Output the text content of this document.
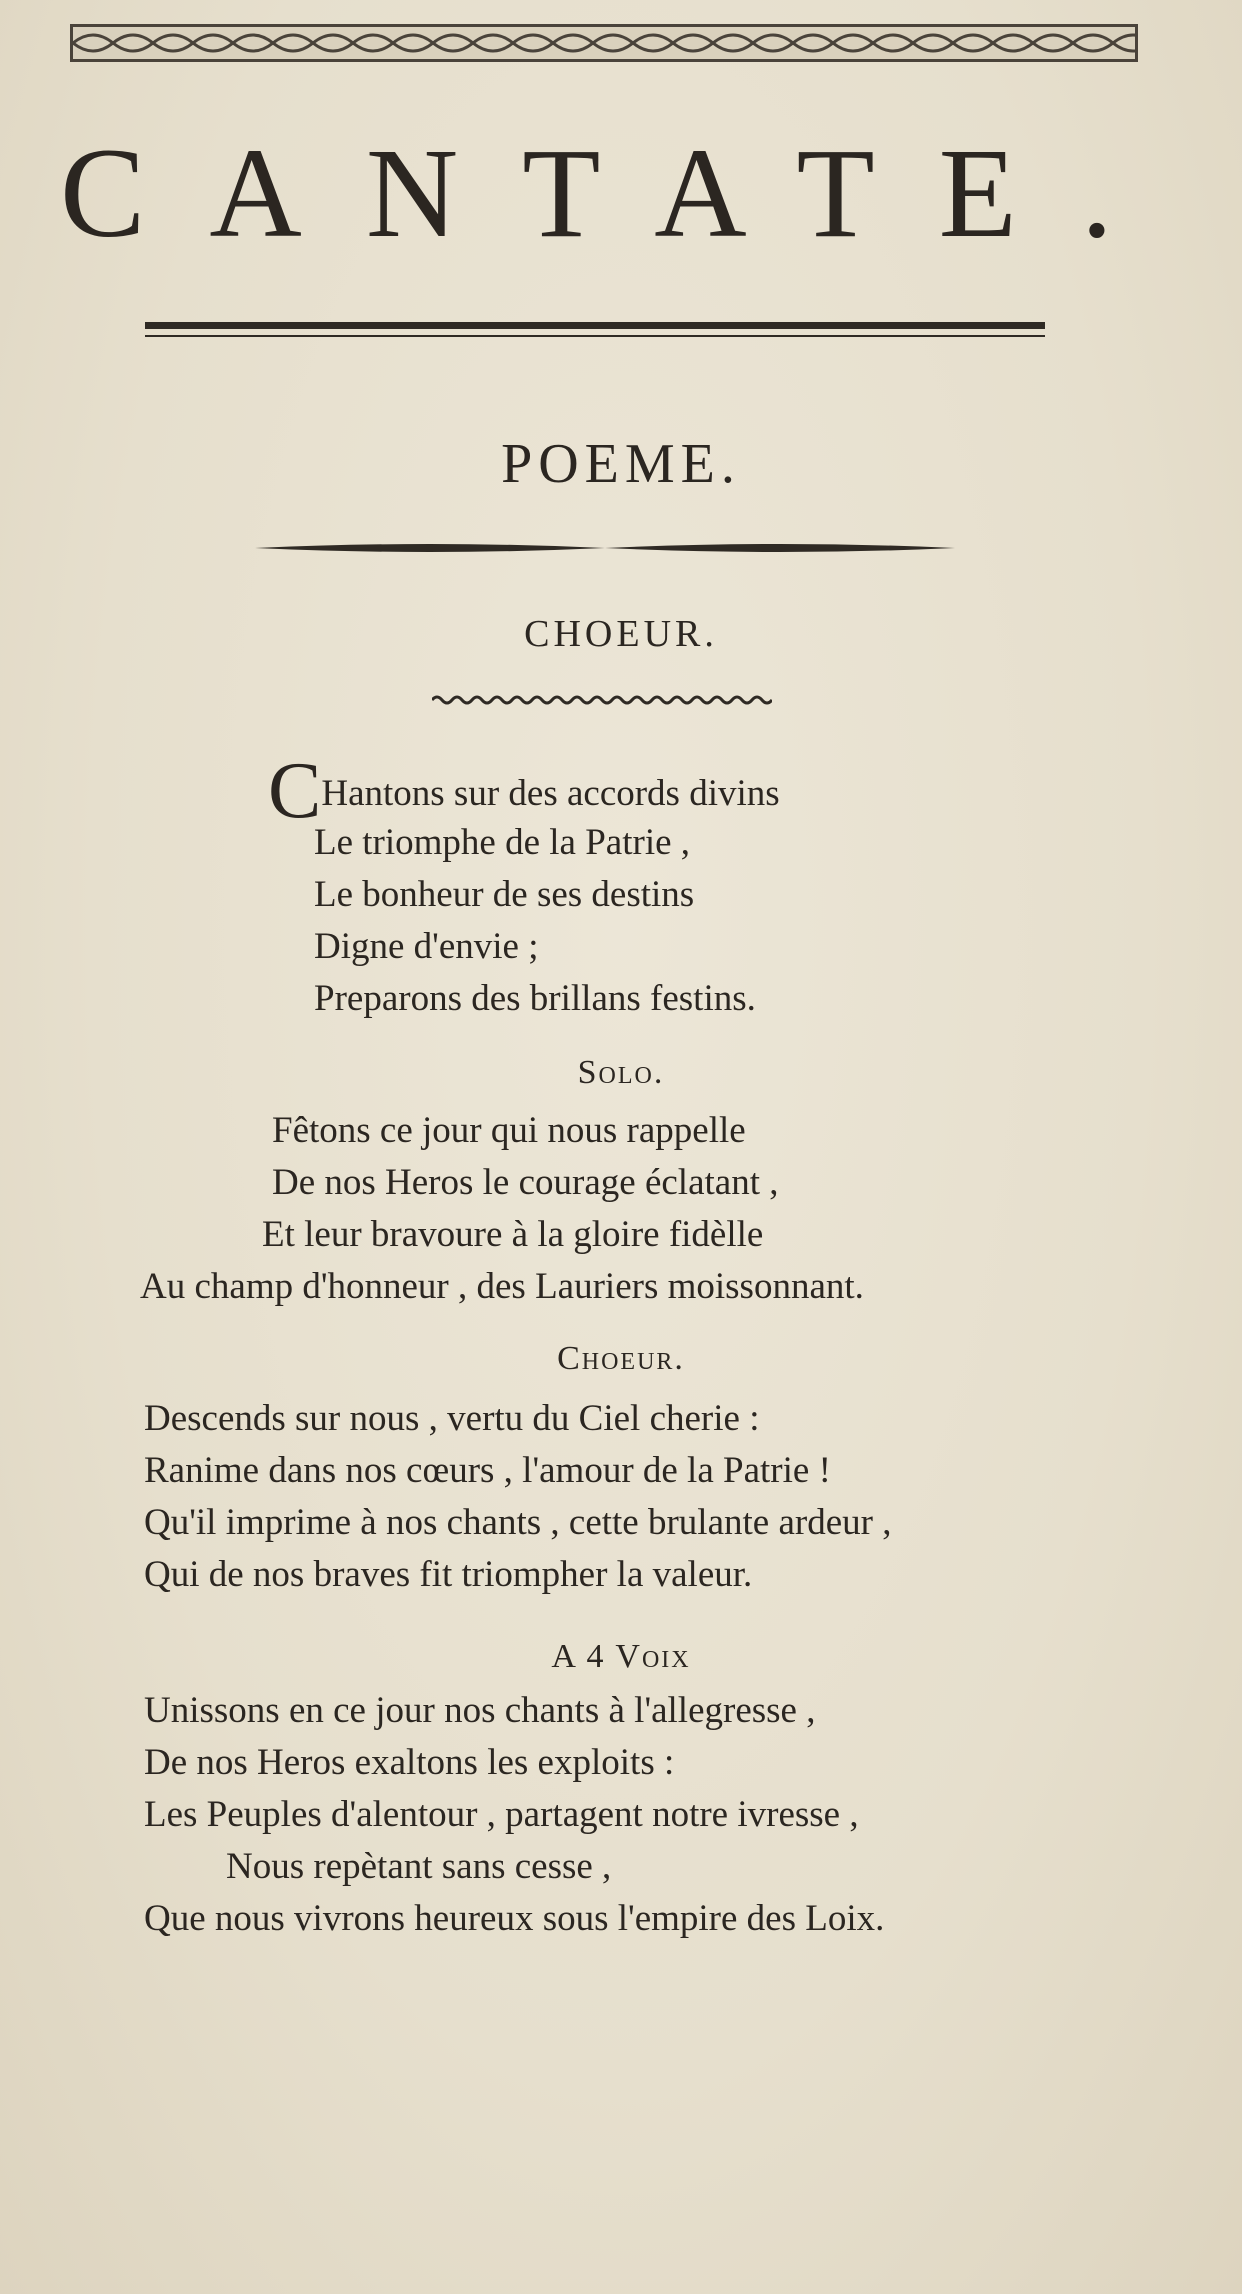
CANTATE.
POEME.
CHOEUR.
CHantons sur des accords divins
Le triomphe de la Patrie ,
Le bonheur de ses destins
Digne d'envie ;
Preparons des brillans festins.
Solo.
Fêtons ce jour qui nous rappelle
De nos Heros le courage éclatant ,
Et leur bravoure à la gloire fidèlle
Au champ d'honneur , des Lauriers moissonnant.
Choeur.
Descends sur nous , vertu du Ciel cherie :
Ranime dans nos cœurs , l'amour de la Patrie !
Qu'il imprime à nos chants , cette brulante ardeur ,
Qui de nos braves fit triompher la valeur.
A 4 Voix
Unissons en ce jour nos chants à l'allegresse ,
De nos Heros exaltons les exploits :
Les Peuples d'alentour , partagent notre ivresse ,
Nous repètant sans cesse ,
Que nous vivrons heureux sous l'empire des Loix.
